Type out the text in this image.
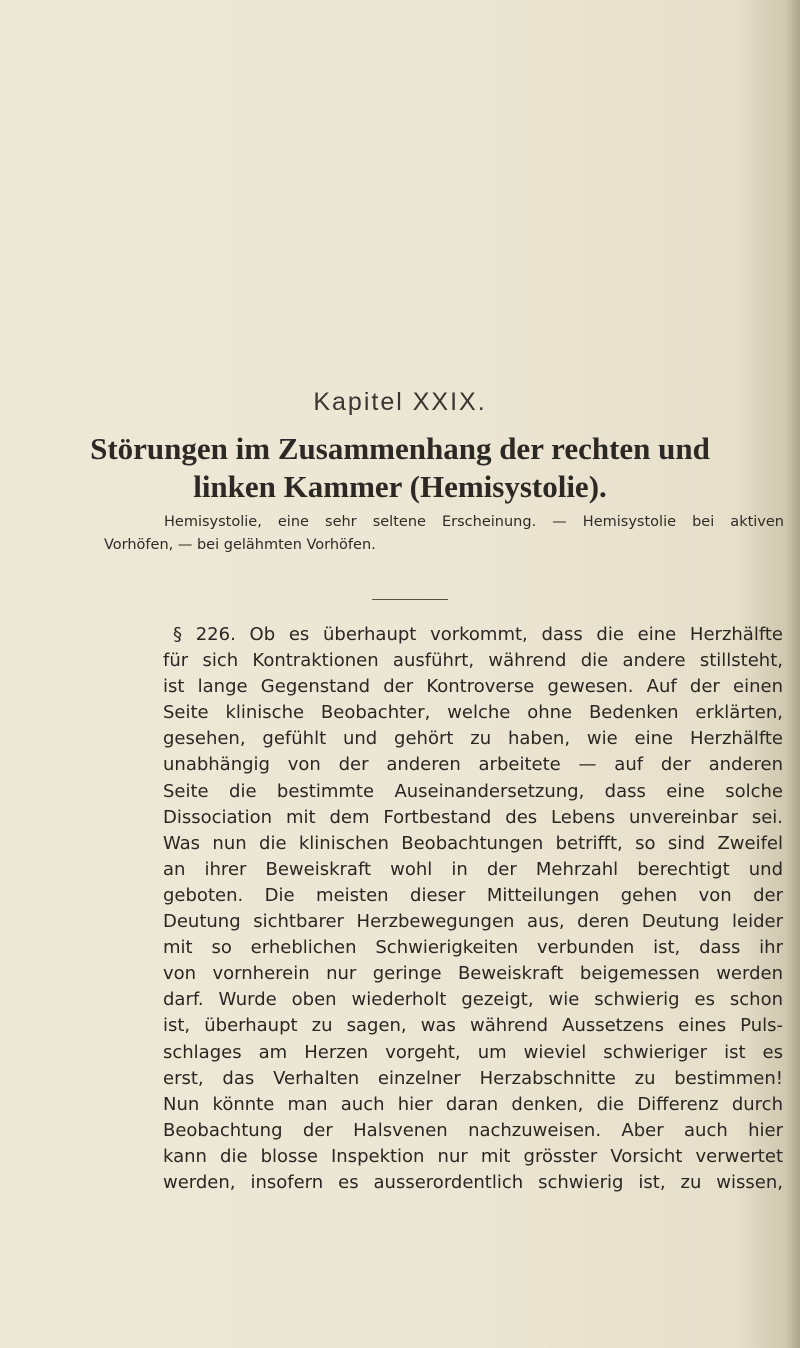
Kapitel XXIX.
Störungen im Zusammenhang der rechten und
linken Kammer (Hemisystolie).
Hemisystolie, eine sehr seltene Erscheinung. — Hemisystolie bei aktiven
Vorhöfen, — bei gelähmten Vorhöfen.
§ 226. Ob es überhaupt vorkommt, dass die eine Herzhälfte
für sich Kontraktionen ausführt, während die andere stillsteht,
ist lange Gegenstand der Kontroverse gewesen. Auf der einen
Seite klinische Beobachter, welche ohne Bedenken erklärten,
gesehen, gefühlt und gehört zu haben, wie eine Herzhälfte
unabhängig von der anderen arbeitete — auf der anderen
Seite die bestimmte Auseinandersetzung, dass eine solche
Dissociation mit dem Fortbestand des Lebens unvereinbar sei.
Was nun die klinischen Beobachtungen betrifft, so sind Zweifel
an ihrer Beweiskraft wohl in der Mehrzahl berechtigt und
geboten. Die meisten dieser Mitteilungen gehen von der
Deutung sichtbarer Herzbewegungen aus, deren Deutung leider
mit so erheblichen Schwierigkeiten verbunden ist, dass ihr
von vornherein nur geringe Beweiskraft beigemessen werden
darf. Wurde oben wiederholt gezeigt, wie schwierig es schon
ist, überhaupt zu sagen, was während Aussetzens eines Puls-
schlages am Herzen vorgeht, um wieviel schwieriger ist es
erst, das Verhalten einzelner Herzabschnitte zu bestimmen!
Nun könnte man auch hier daran denken, die Differenz durch
Beobachtung der Halsvenen nachzuweisen. Aber auch hier
kann die blosse Inspektion nur mit grösster Vorsicht verwertet
werden, insofern es ausserordentlich schwierig ist, zu wissen,
